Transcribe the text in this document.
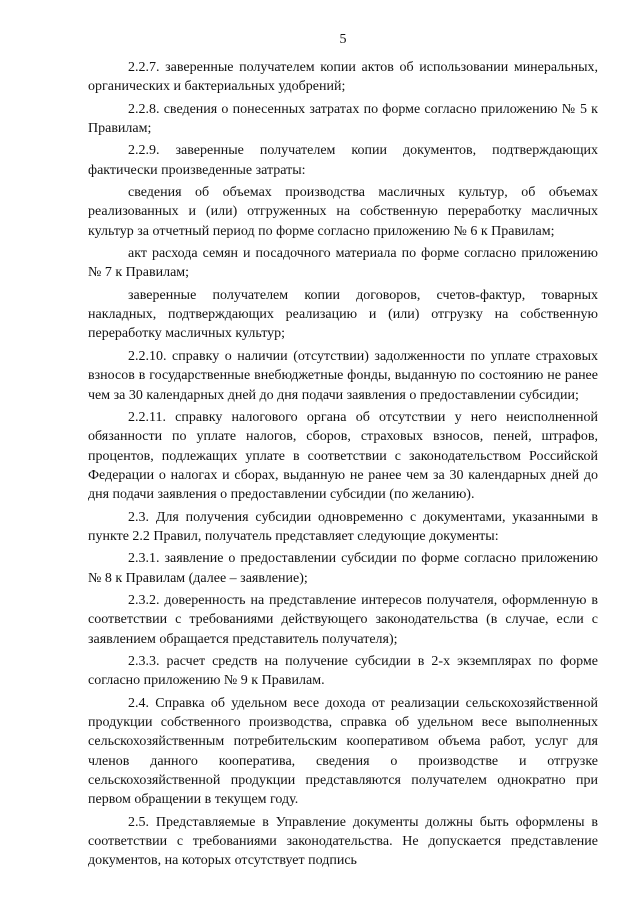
5

2.2.7. заверенные получателем копии актов об использовании минеральных, органических и бактериальных удобрений;

2.2.8. сведения о понесенных затратах по форме согласно приложению № 5 к Правилам;

2.2.9. заверенные получателем копии документов, подтверждающих фактически произведенные затраты:

сведения об объемах производства масличных культур, об объемах реализованных и (или) отгруженных на собственную переработку масличных культур за отчетный период по форме согласно приложению № 6 к Правилам;

акт расхода семян и посадочного материала по форме согласно приложению № 7 к Правилам;

заверенные получателем копии договоров, счетов-фактур, товарных накладных, подтверждающих реализацию и (или) отгрузку на собственную переработку масличных культур;

2.2.10. справку о наличии (отсутствии) задолженности по уплате страховых взносов в государственные внебюджетные фонды, выданную по состоянию не ранее чем за 30 календарных дней до дня подачи заявления о предоставлении субсидии;

2.2.11. справку налогового органа об отсутствии у него неисполненной обязанности по уплате налогов, сборов, страховых взносов, пеней, штрафов, процентов, подлежащих уплате в соответствии с законодательством Российской Федерации о налогах и сборах, выданную не ранее чем за 30 календарных дней до дня подачи заявления о предоставлении субсидии (по желанию).

2.3. Для получения субсидии одновременно с документами, указанными в пункте 2.2 Правил, получатель представляет следующие документы:

2.3.1. заявление о предоставлении субсидии по форме согласно приложению № 8 к Правилам (далее – заявление);

2.3.2. доверенность на представление интересов получателя, оформленную в соответствии с требованиями действующего законодательства (в случае, если с заявлением обращается представитель получателя);

2.3.3. расчет средств на получение субсидии в 2-х экземплярах по форме согласно приложению № 9 к Правилам.

2.4. Справка об удельном весе дохода от реализации сельскохозяйственной продукции собственного производства, справка об удельном весе выполненных сельскохозяйственным потребительским кооперативом объема работ, услуг для членов данного кооператива, сведения о производстве и отгрузке сельскохозяйственной продукции представляются получателем однократно при первом обращении в текущем году.

2.5. Представляемые в Управление документы должны быть оформлены в соответствии с требованиями законодательства. Не допускается представление документов, на которых отсутствует подпись
